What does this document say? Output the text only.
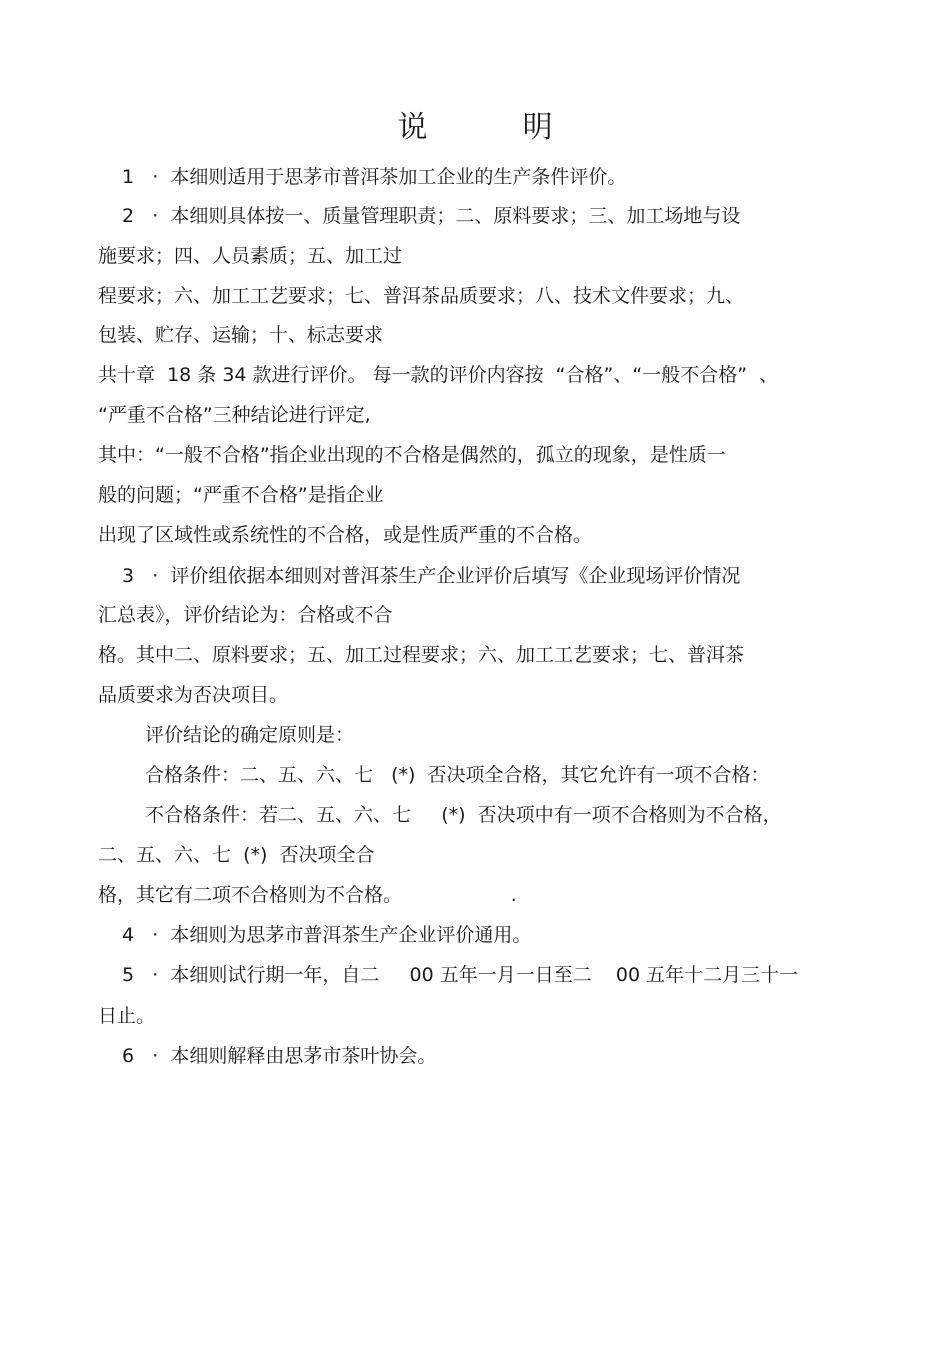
说          明

1   ·  本细则适用于思茅市普洱茶加工企业的生产条件评价。

2   ·  本细则具体按一、质量管理职责；二、原料要求；三、加工场地与设

施要求；四、人员素质；五、加工过

程要求；六、加工工艺要求；七、普洱茶品质要求；八、技术文件要求；九、

包装、贮存、运输；十、标志要求

共十章  18 条 34 款进行评价。 每一款的评价内容按  “合格”、“一般不合格”  、

“严重不合格”三种结论进行评定,

其中：“一般不合格”指企业出现的不合格是偶然的，孤立的现象，是性质一

般的问题；“严重不合格”是指企业

出现了区域性或系统性的不合格，或是性质严重的不合格。

3   ·  评价组依据本细则对普洱茶生产企业评价后填写《企业现场评价情况

汇总表》，评价结论为：合格或不合

格。其中二、原料要求；五、加工过程要求；六、加工工艺要求；七、普洱茶

品质要求为否决项目。

评价结论的确定原则是：

合格条件：二、五、六、七   (*)  否决项全合格，其它允许有一项不合格：

不合格条件：若二、五、六、七     (*)  否决项中有一项不合格则为不合格，

二、五、六、七  (*)  否决项全合

格，其它有二项不合格则为不合格。                  .

4   ·  本细则为思茅市普洱茶生产企业评价通用。

5   ·  本细则试行期一年，自二     00 五年一月一日至二    00 五年十二月三十一

日止。

6   ·  本细则解释由思茅市茶叶协会。
